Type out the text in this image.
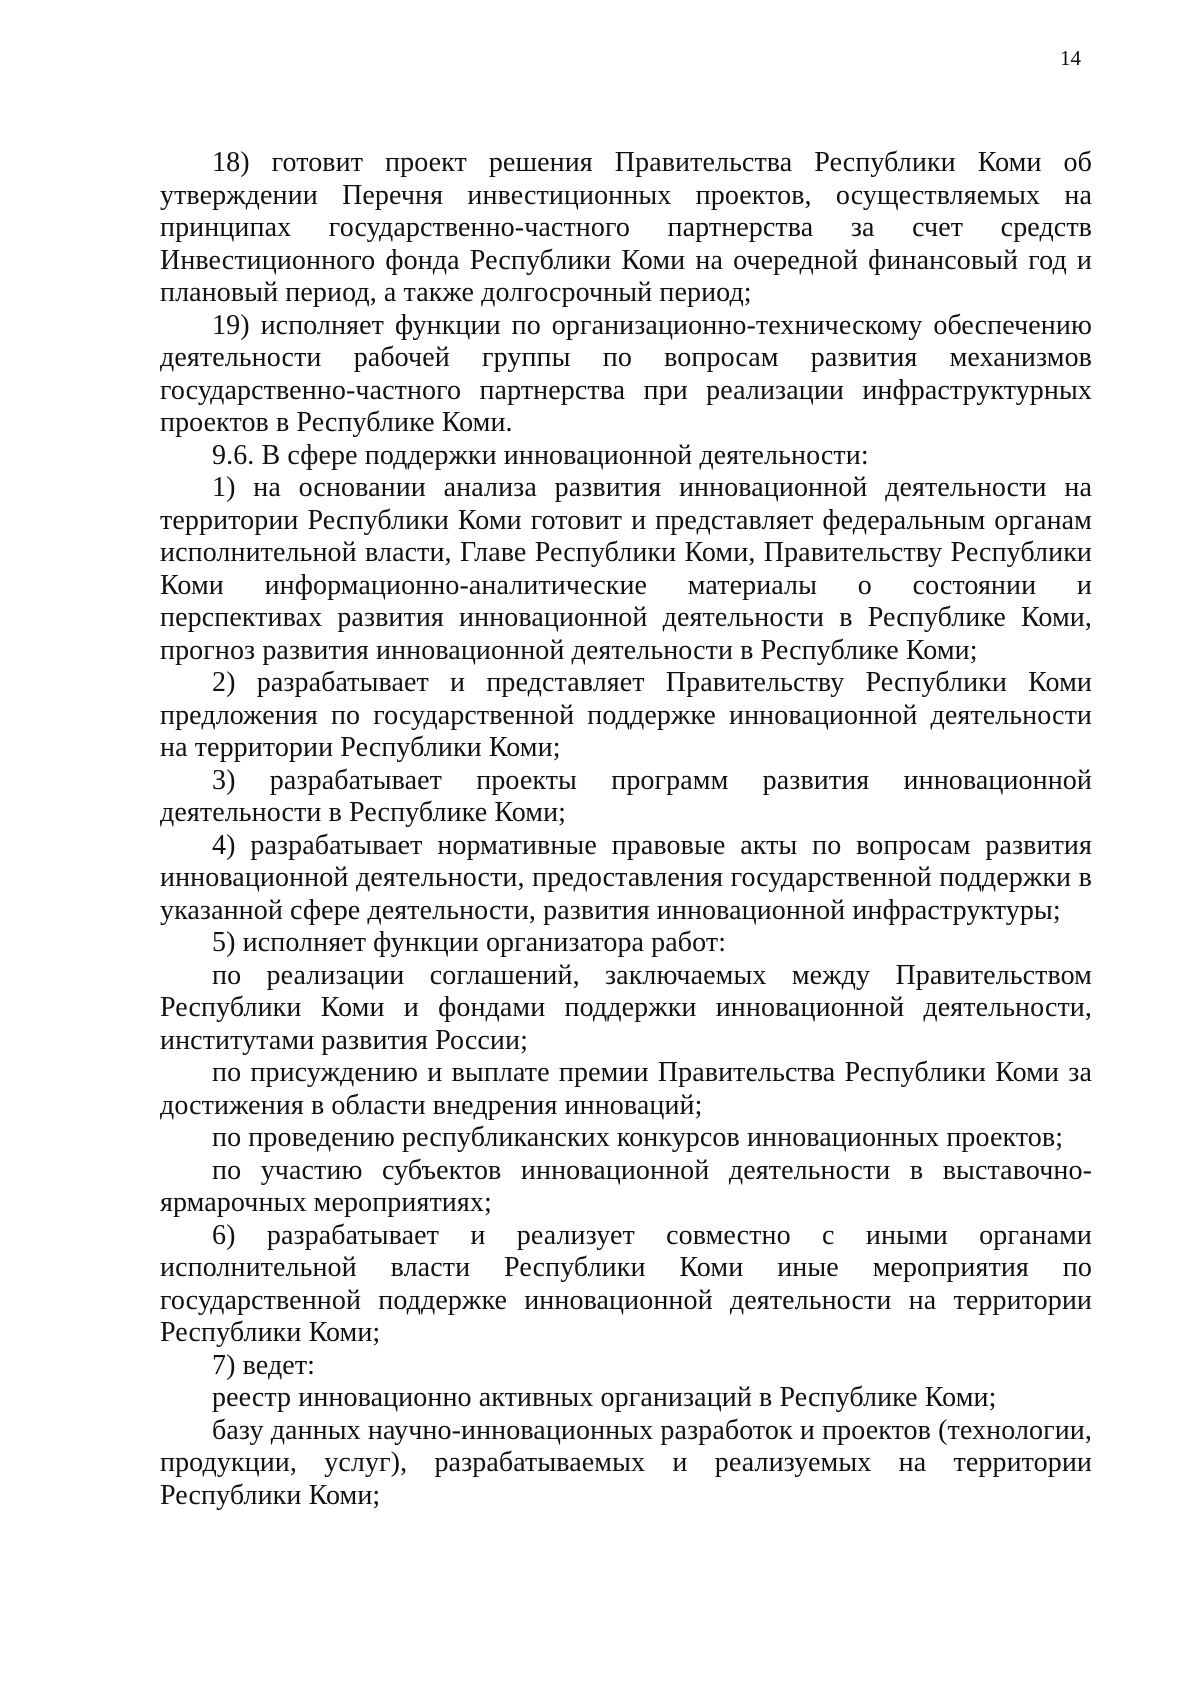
14

18) готовит проект решения Правительства Республики Коми об утверждении Перечня инвестиционных проектов, осуществляемых на принципах государственно-частного партнерства за счет средств Инвестиционного фонда Республики Коми на очередной финансовый год и плановый период, а также долгосрочный период;

19) исполняет функции по организационно-техническому обеспечению деятельности рабочей группы по вопросам развития механизмов государственно-частного партнерства при реализации инфраструктурных проектов в Республике Коми.

9.6. В сфере поддержки инновационной деятельности:

1) на основании анализа развития инновационной деятельности на территории Республики Коми готовит и представляет федеральным органам исполнительной власти, Главе Республики Коми, Правительству Республики Коми информационно-аналитические материалы о состоянии и перспективах развития инновационной деятельности в Республике Коми, прогноз развития инновационной деятельности в Республике Коми;

2) разрабатывает и представляет Правительству Республики Коми предложения по государственной поддержке инновационной деятельности на территории Республики Коми;

3) разрабатывает проекты программ развития инновационной деятельности в Республике Коми;

4) разрабатывает нормативные правовые акты по вопросам развития инновационной деятельности, предоставления государственной поддержки в указанной сфере деятельности, развития инновационной инфраструктуры;

5) исполняет функции организатора работ:

по реализации соглашений, заключаемых между Правительством Республики Коми и фондами поддержки инновационной деятельности, институтами развития России;

по присуждению и выплате премии Правительства Республики Коми за достижения в области внедрения инноваций;

по проведению республиканских конкурсов инновационных проектов;

по участию субъектов инновационной деятельности в выставочно-ярмарочных мероприятиях;

6) разрабатывает и реализует совместно с иными органами исполнительной власти Республики Коми иные мероприятия по государственной поддержке инновационной деятельности на территории Республики Коми;

7) ведет:

реестр инновационно активных организаций в Республике Коми;

базу данных научно-инновационных разработок и проектов (технологии, продукции, услуг), разрабатываемых и реализуемых на территории Республики Коми;
